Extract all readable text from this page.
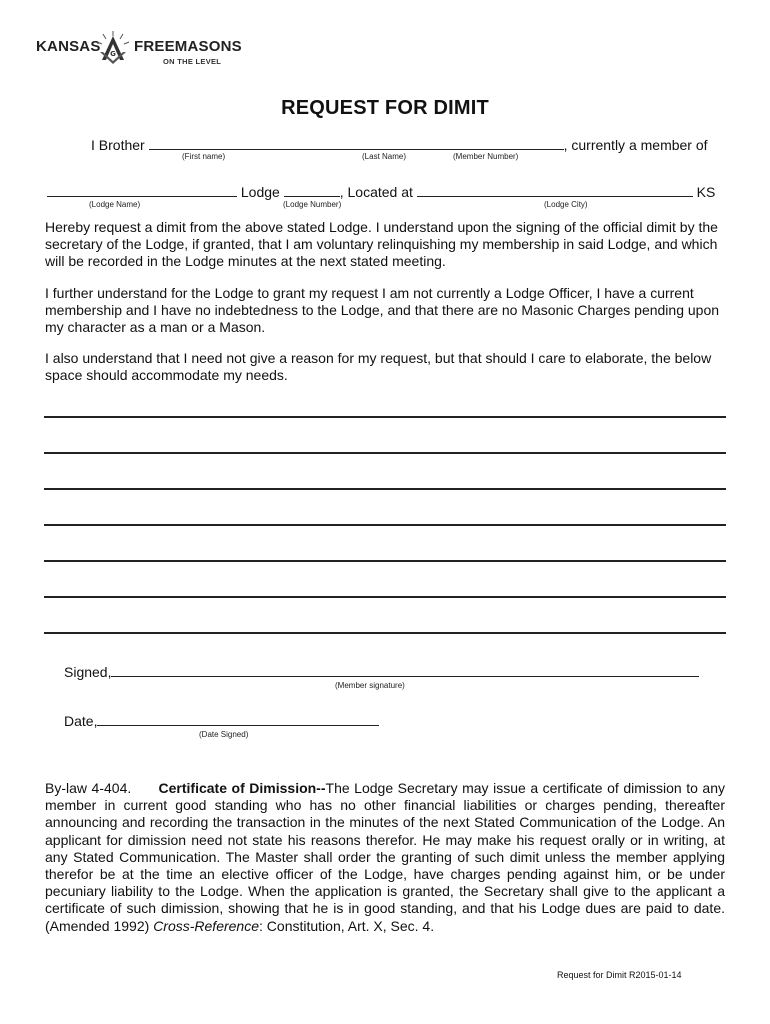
KANSAS G FREEMASONS
ON THE LEVEL
REQUEST FOR DIMIT
I Brother	, currently a member of
(First name)	(Last Name)	(Member Number)
Lodge	, Located at	KS
(Lodge Name)	(Lodge Number)	(Lodge City)
Hereby request a dimit from the above stated Lodge. I understand upon the signing of the official dimit by the secretary of the Lodge, if granted, that I am voluntary relinquishing my membership in said Lodge, and which will be recorded in the Lodge minutes at the next stated meeting.
I further understand for the Lodge to grant my request I am not currently a Lodge Officer, I have a current membership and I have no indebtedness to the Lodge, and that there are no Masonic Charges pending upon my character as a man or a Mason.
I also understand that I need not give a reason for my request, but that should I care to elaborate, the below space should accommodate my needs.
Signed,
(Member signature)
Date,
(Date Signed)
By-law 4-404. Certificate of Dimission--The Lodge Secretary may issue a certificate of dimission to any member in current good standing who has no other financial liabilities or charges pending, thereafter announcing and recording the transaction in the minutes of the next Stated Communication of the Lodge. An applicant for dimission need not state his reasons therefor. He may make his request orally or in writing, at any Stated Communication. The Master shall order the granting of such dimit unless the member applying therefor be at the time an elective officer of the Lodge, have charges pending against him, or be under pecuniary liability to the Lodge. When the application is granted, the Secretary shall give to the applicant a certificate of such dimission, showing that he is in good standing, and that his Lodge dues are paid to date. (Amended 1992) Cross-Reference: Constitution, Art. X, Sec. 4.
Request for Dimit R2015-01-14
